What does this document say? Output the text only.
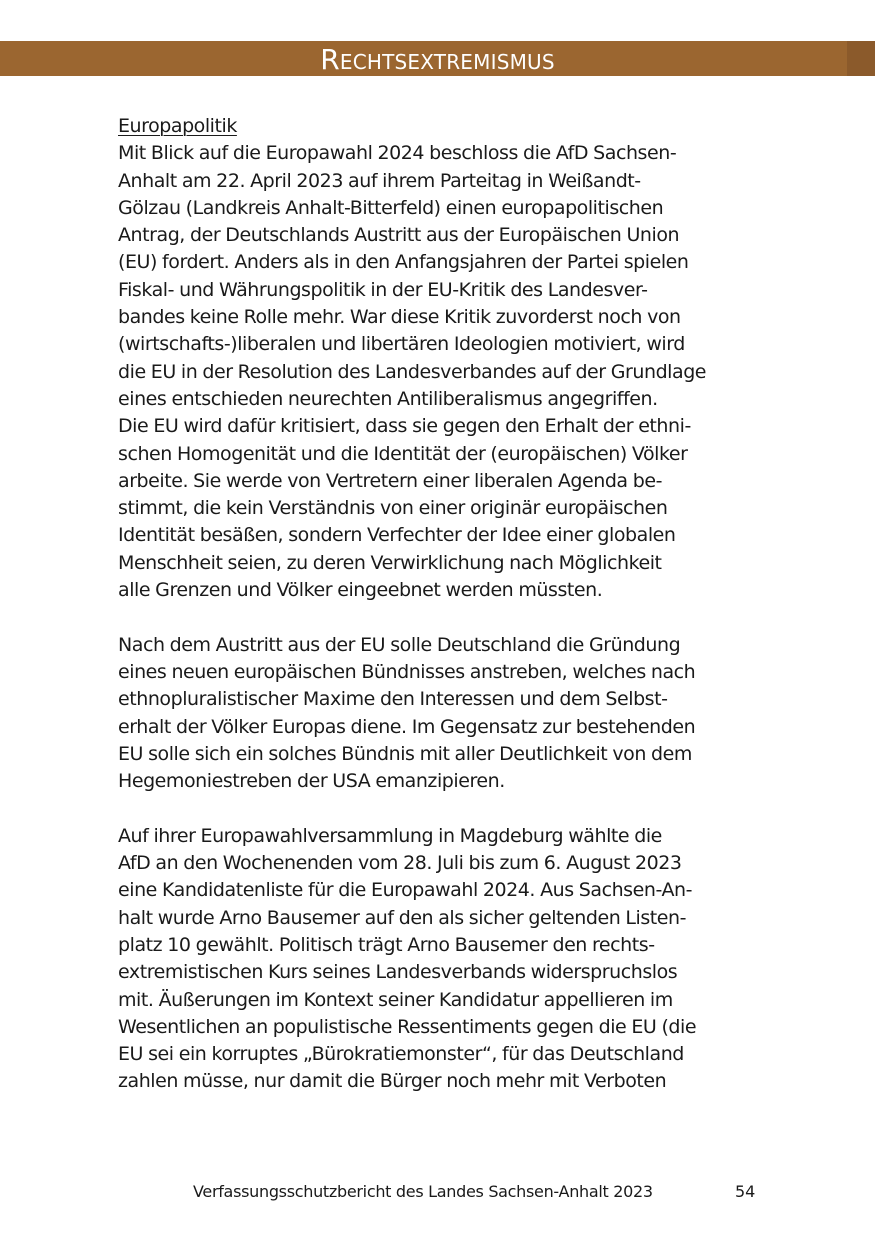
Rechtsextremismus
Europapolitik
Mit Blick auf die Europawahl 2024 beschloss die AfD Sachsen-
Anhalt am 22. April 2023 auf ihrem Parteitag in Weißandt-
Gölzau (Landkreis Anhalt-Bitterfeld) einen europapolitischen
Antrag, der Deutschlands Austritt aus der Europäischen Union
(EU) fordert. Anders als in den Anfangsjahren der Partei spielen
Fiskal- und Währungspolitik in der EU-Kritik des Landesver-
bandes keine Rolle mehr. War diese Kritik zuvorderst noch von
(wirtschafts-)liberalen und libertären Ideologien motiviert, wird
die EU in der Resolution des Landesverbandes auf der Grundlage
eines entschieden neurechten Antiliberalismus angegriffen.
Die EU wird dafür kritisiert, dass sie gegen den Erhalt der ethni-
schen Homogenität und die Identität der (europäischen) Völker
arbeite. Sie werde von Vertretern einer liberalen Agenda be-
stimmt, die kein Verständnis von einer originär europäischen
Identität besäßen, sondern Verfechter der Idee einer globalen
Menschheit seien, zu deren Verwirklichung nach Möglichkeit
alle Grenzen und Völker eingeebnet werden müssten.
Nach dem Austritt aus der EU solle Deutschland die Gründung
eines neuen europäischen Bündnisses anstreben, welches nach
ethnopluralistischer Maxime den Interessen und dem Selbst-
erhalt der Völker Europas diene. Im Gegensatz zur bestehenden
EU solle sich ein solches Bündnis mit aller Deutlichkeit von dem
Hegemoniestreben der USA emanzipieren.
Auf ihrer Europawahlversammlung in Magdeburg wählte die
AfD an den Wochenenden vom 28. Juli bis zum 6. August 2023
eine Kandidatenliste für die Europawahl 2024. Aus Sachsen-An-
halt wurde Arno Bausemer auf den als sicher geltenden Listen-
platz 10 gewählt. Politisch trägt Arno Bausemer den rechts-
extremistischen Kurs seines Landesverbands widerspruchslos
mit. Äußerungen im Kontext seiner Kandidatur appellieren im
Wesentlichen an populistische Ressentiments gegen die EU (die
EU sei ein korruptes „Bürokratiemonster“, für das Deutschland
zahlen müsse, nur damit die Bürger noch mehr mit Verboten
Verfassungsschutzbericht des Landes Sachsen-Anhalt 2023	54
